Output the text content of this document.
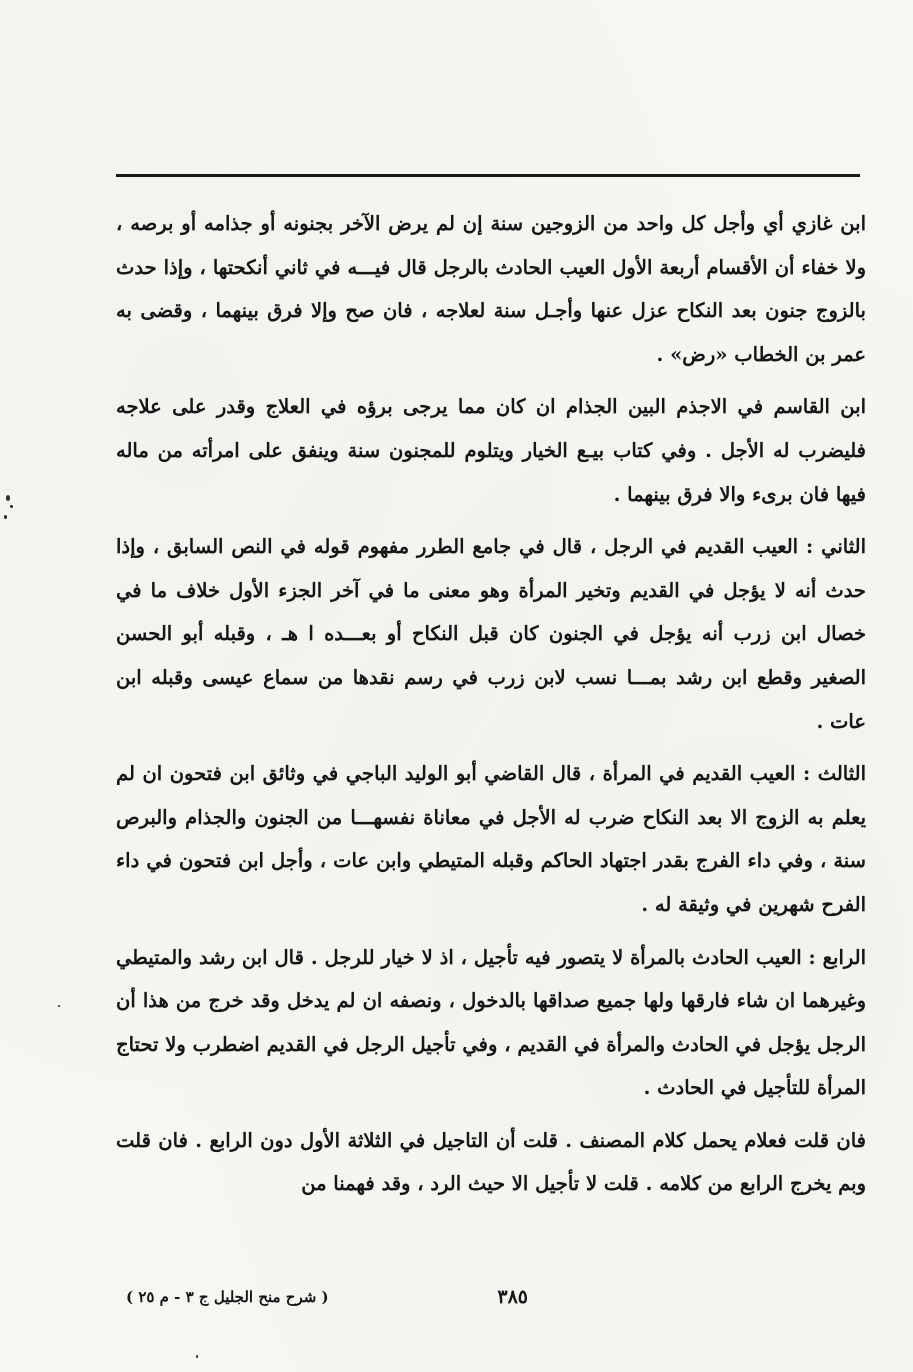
ابن غازي أي وأجل كل واحد من الزوجين سنة إن لم يرض الآخر بجنونه أو جذامه أو برصه ، ولا خفاء أن الأقسام أربعة الأول العيب الحادث بالرجل قال فيـــه في ثاني أنكحتها ، وإذا حدث بالزوج جنون بعد النكاح عزل عنها وأجـل سنة لعلاجه ، فان صح وإلا فرق بينهما ، وقضى به عمر بن الخطاب «رض» .

ابن القاسم في الاجذم البين الجذام ان كان مما يرجى برؤه في العلاج وقدر على علاجه فليضرب له الأجل . وفي كتاب بيـع الخيار ويتلوم للمجنون سنة وينفق على امرأته من ماله فيها فان برىء والا فرق بينهما .

الثاني : العيب القديم في الرجل ، قال في جامع الطرر مفهوم قوله في النص السابق ، وإذا حدث أنه لا يؤجل في القديم وتخير المرأة وهو معنى ما في آخر الجزء الأول خلاف ما في خصال ابن زرب أنه يؤجل في الجنون كان قبل النكاح أو بعـــده ا هـ ، وقبله أبو الحسن الصغير وقطع ابن رشد بمـــا نسب لابن زرب في رسم نقدها من سماع عيسى وقبله ابن عات .

الثالث : العيب القديم في المرأة ، قال القاضي أبو الوليد الباجي في وثائق ابن فتحون ان لم يعلم به الزوج الا بعد النكاح ضرب له الأجل في معاناة نفسهـــا من الجنون والجذام والبرص سنة ، وفي داء الفرج بقدر اجتهاد الحاكم وقبله المتيطي وابن عات ، وأجل ابن فتحون في داء الفرح شهرين في وثيقة له .

الرابع : العيب الحادث بالمرأة لا يتصور فيه تأجيل ، اذ لا خيار للرجل . قال ابن رشد والمتيطي وغيرهما ان شاء فارقها ولها جميع صداقها بالدخول ، ونصفه ان لم يدخل وقد خرج من هذا أن الرجل يؤجل في الحادث والمرأة في القديم ، وفي تأجيل الرجل في القديم اضطرب ولا تحتاج المرأة للتأجيل في الحادث .

فان قلت فعلام يحمل كلام المصنف . قلت أن التاجيل في الثلاثة الأول دون الرابع . فان قلت وبم يخرج الرابع من كلامه . قلت لا تأجيل الا حيث الرد ، وقد فهمنا من

٣٨٥
( شرح منح الجليل ج ٣ - م ٢٥ )
